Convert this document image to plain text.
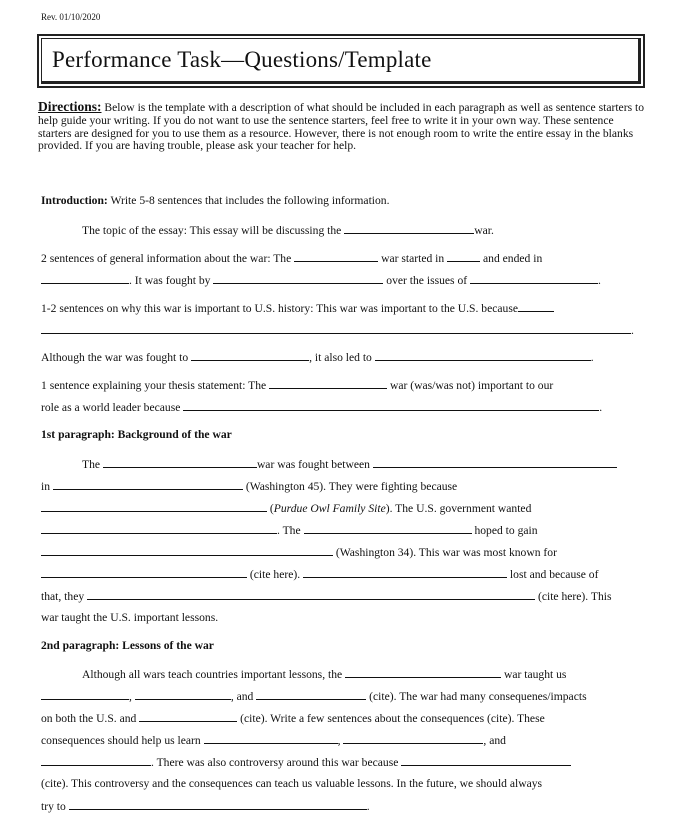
Rev. 01/10/2020
Performance Task—Questions/Template
Directions: Below is the template with a description of what should be included in each paragraph as well as sentence starters to help guide your writing. If you do not want to use the sentence starters, feel free to write it in your own way. These sentence starters are designed for you to use them as a resource. However, there is not enough room to write the entire essay in the blanks provided. If you are having trouble, please ask your teacher for help.
Introduction: Write 5-8 sentences that includes the following information.
The topic of the essay: This essay will be discussing the	war.
2 sentences of general information about the war: The	war started in	and ended in
. It was fought by	over the issues of	.
1-2 sentences on why this war is important to U.S. history: This war was important to the U.S. because
.
Although the war was fought to	, it also led to	.
1 sentence explaining your thesis statement: The	war (was/was not) important to our
role as a world leader because	.
1st paragraph: Background of the war
The	war was fought between
in	(Washington 45). They were fighting because
(Purdue Owl Family Site). The U.S. government wanted
. The	hoped to gain
(Washington 34). This war was most known for
(cite here).	lost and because of
that, they	(cite here). This
war taught the U.S. important lessons.
2nd paragraph: Lessons of the war
Although all wars teach countries important lessons, the	war taught us
,	, and	(cite). The war had many consequenes/impacts
on both the U.S. and	(cite). Write a few sentences about the consequences (cite). These
consequences should help us learn	,	, and
. There was also controversy around this war because
(cite). This controversy and the consequences can teach us valuable lessons. In the future, we should always
try to	.
